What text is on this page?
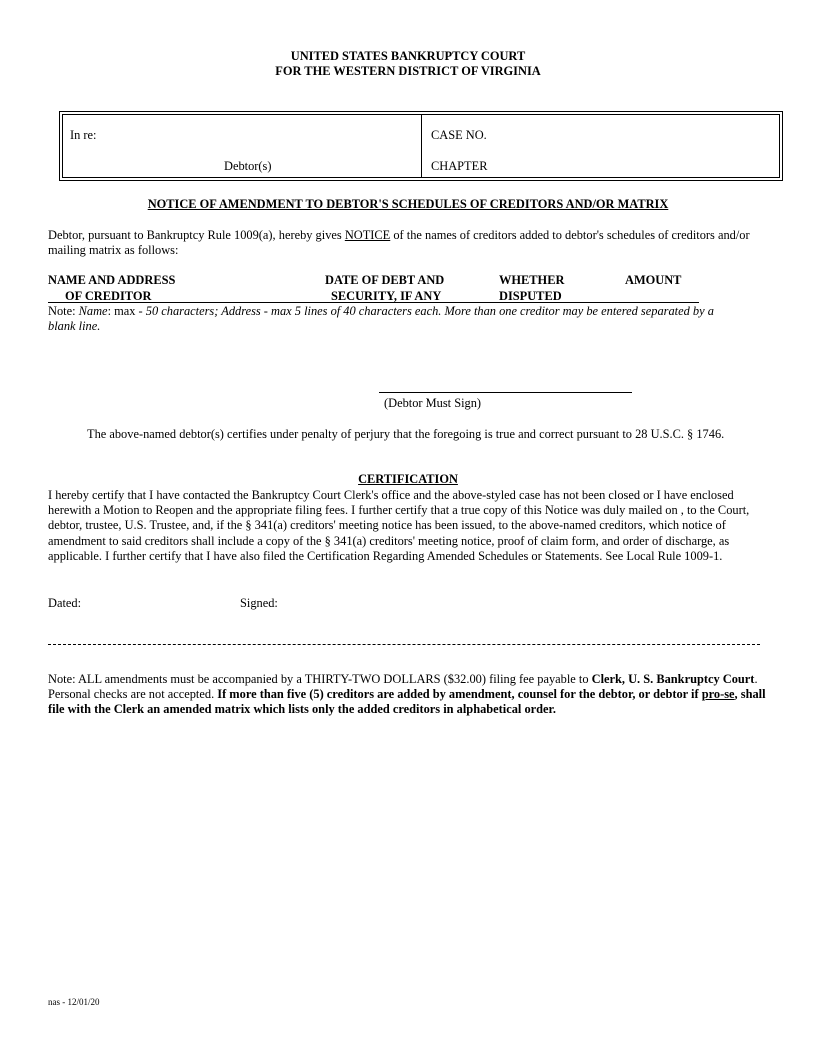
UNITED STATES BANKRUPTCY COURT
FOR THE WESTERN DISTRICT OF VIRGINIA
In re:
Debtor(s)
CASE NO.
CHAPTER
NOTICE OF AMENDMENT TO DEBTOR'S SCHEDULES OF CREDITORS AND/OR MATRIX
Debtor, pursuant to Bankruptcy Rule 1009(a), hereby gives NOTICE of the names of creditors added to debtor's schedules of creditors and/or mailing matrix as follows:
NAME AND ADDRESS
OF CREDITOR
DATE OF DEBT AND
SECURITY, IF ANY
WHETHER
DISPUTED
AMOUNT
Note: Name: max - 50 characters; Address - max 5 lines of 40 characters each. More than one creditor may be entered separated by a blank line.
(Debtor Must Sign)
The above-named debtor(s) certifies under penalty of perjury that the foregoing is true and correct pursuant to 28 U.S.C. § 1746.
CERTIFICATION
I hereby certify that I have contacted the Bankruptcy Court Clerk's office and the above-styled case has not been closed or I have enclosed herewith a Motion to Reopen and the appropriate filing fees. I further certify that a true copy of this Notice was duly mailed on , to the Court, debtor, trustee, U.S. Trustee, and, if the § 341(a) creditors' meeting notice has been issued, to the above-named creditors, which notice of amendment to said creditors shall include a copy of the § 341(a) creditors' meeting notice, proof of claim form, and order of discharge, as applicable. I further certify that I have also filed the Certification Regarding Amended Schedules or Statements. See Local Rule 1009-1.
Dated:	Signed:
Note: ALL amendments must be accompanied by a THIRTY-TWO DOLLARS ($32.00) filing fee payable to Clerk, U. S. Bankruptcy Court. Personal checks are not accepted. If more than five (5) creditors are added by amendment, counsel for the debtor, or debtor if pro-se, shall file with the Clerk an amended matrix which lists only the added creditors in alphabetical order.
nas - 12/01/20
